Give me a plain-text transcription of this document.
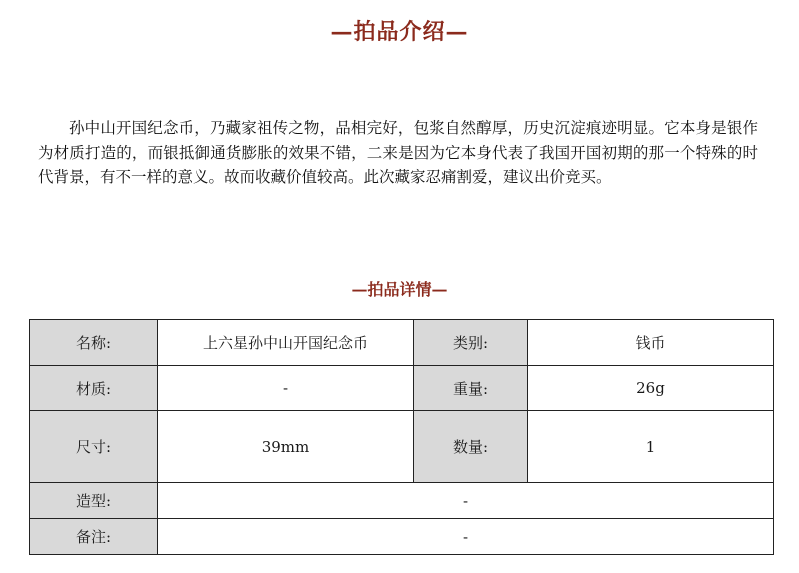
—拍品介绍—

孙中山开国纪念币，乃藏家祖传之物，品相完好，包浆自然醇厚，历史沉淀痕迹明显。它本身是银作为材质打造的，而银抵御通货膨胀的效果不错，二来是因为它本身代表了我国开国初期的那一个特殊的时代背景，有不一样的意义。故而收藏价值较高。此次藏家忍痛割爱，建议出价竞买。

—拍品详情—
名称:	上六星孙中山开国纪念币	类别:	钱币
材质:	-	重量:	26g
尺寸:	39mm	数量:	1
造型:	-		
备注:	-		
